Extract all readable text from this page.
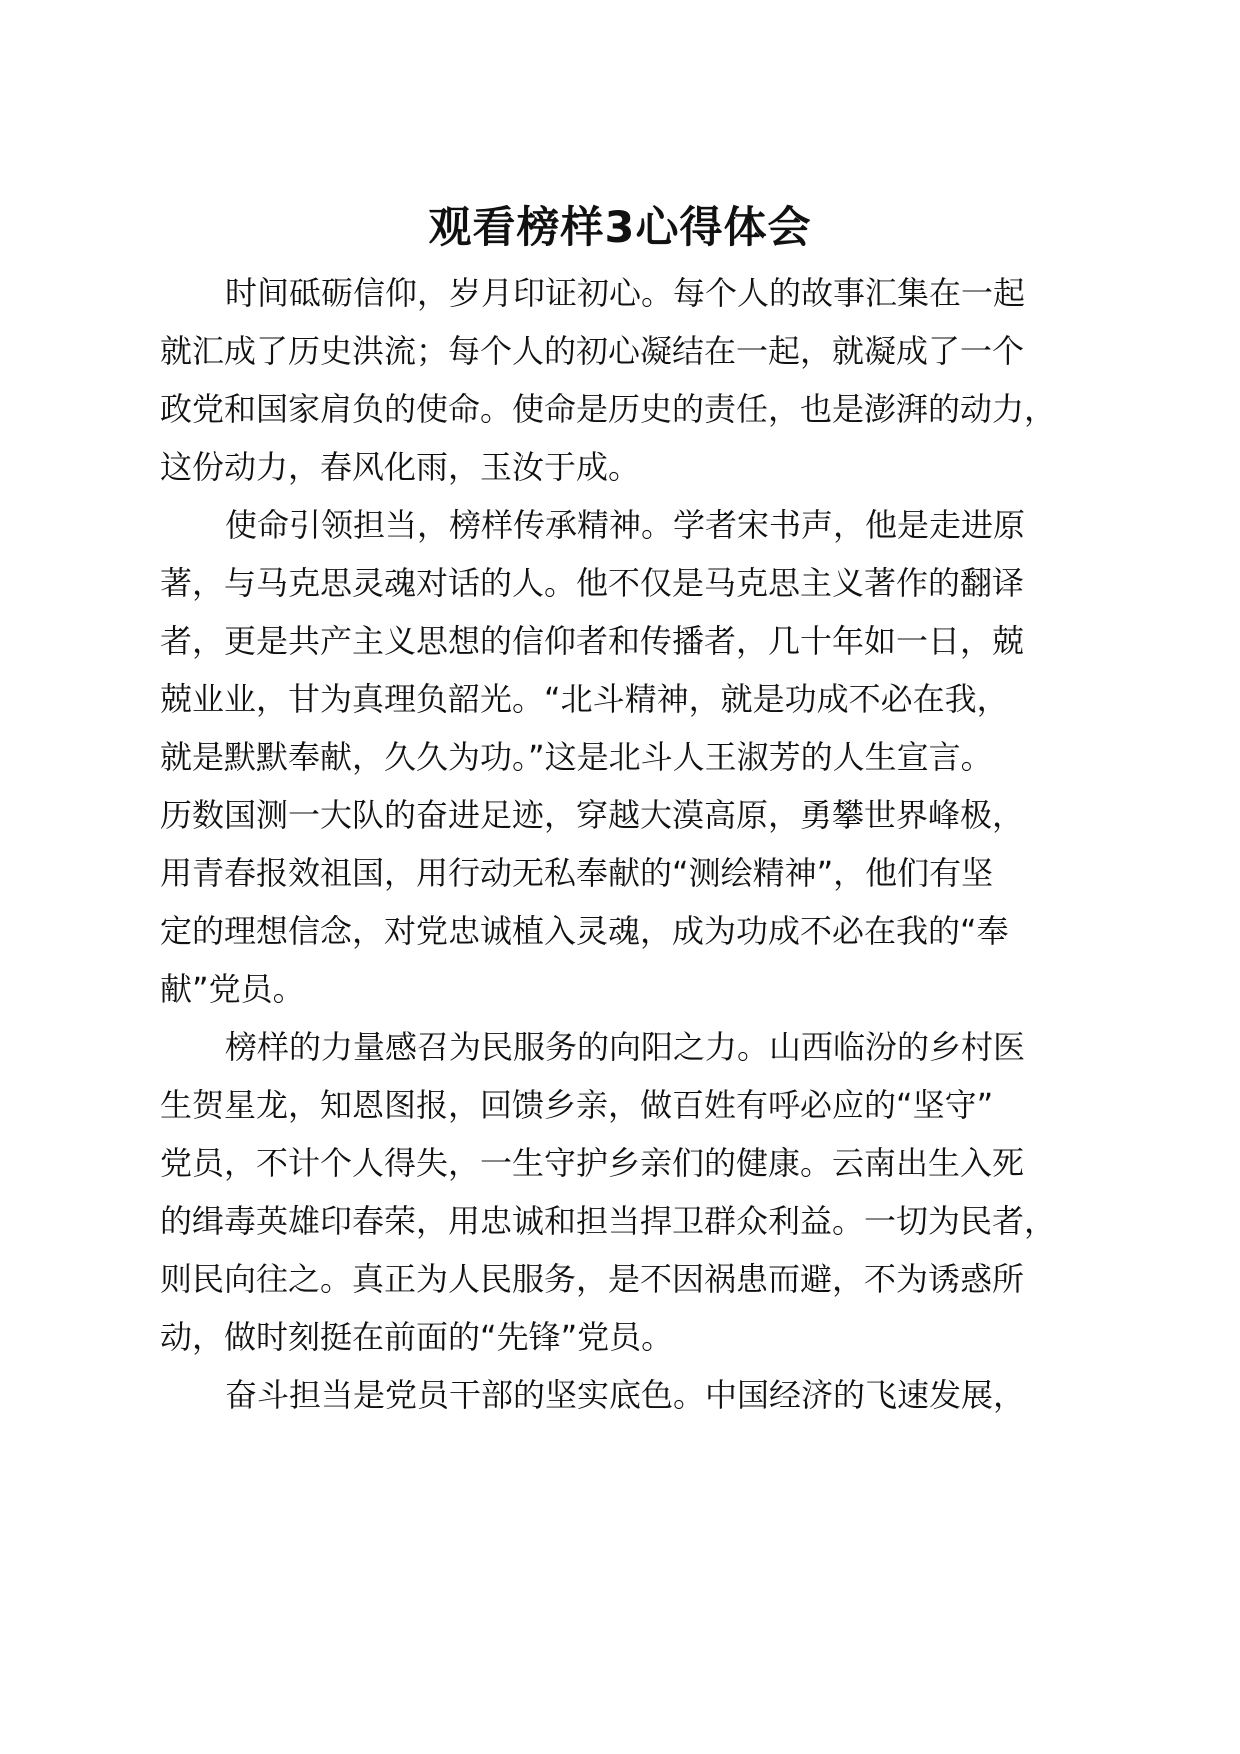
观看榜样3心得体会
时间砥砺信仰，岁月印证初心。每个人的故事汇集在一起
就汇成了历史洪流；每个人的初心凝结在一起，就凝成了一个
政党和国家肩负的使命。使命是历史的责任，也是澎湃的动力，
这份动力，春风化雨，玉汝于成。
使命引领担当，榜样传承精神。学者宋书声，他是走进原
著，与马克思灵魂对话的人。他不仅是马克思主义著作的翻译
者，更是共产主义思想的信仰者和传播者，几十年如一日，兢
兢业业，甘为真理负韶光。“北斗精神，就是功成不必在我，
就是默默奉献，久久为功。”这是北斗人王淑芳的人生宣言。
历数国测一大队的奋进足迹，穿越大漠高原，勇攀世界峰极，
用青春报效祖国，用行动无私奉献的“测绘精神”，他们有坚
定的理想信念，对党忠诚植入灵魂，成为功成不必在我的“奉
献”党员。
榜样的力量感召为民服务的向阳之力。山西临汾的乡村医
生贺星龙，知恩图报，回馈乡亲，做百姓有呼必应的“坚守”
党员，不计个人得失，一生守护乡亲们的健康。云南出生入死
的缉毒英雄印春荣，用忠诚和担当捍卫群众利益。一切为民者，
则民向往之。真正为人民服务，是不因祸患而避，不为诱惑所
动，做时刻挺在前面的“先锋”党员。
奋斗担当是党员干部的坚实底色。中国经济的飞速发展，
